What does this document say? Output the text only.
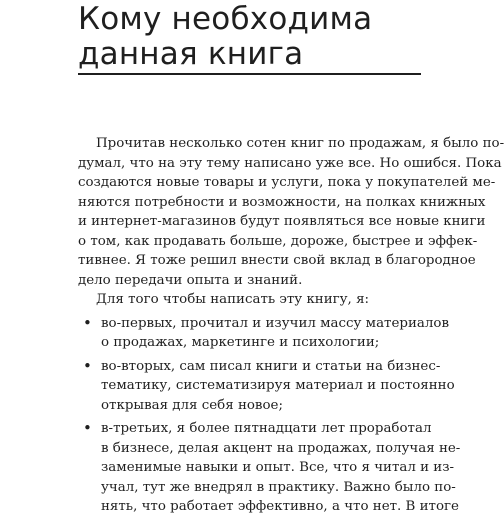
Кому необходима
данная книга
Прочитав несколько сотен книг по продажам, я было по-
думал, что на эту тему написано уже все. Но ошибся. Пока
создаются новые товары и услуги, пока у покупателей ме-
няются потребности и возможности, на полках книжных
и интернет-магазинов будут появляться все новые книги
о том, как продавать больше, дороже, быстрее и эффек-
тивнее. Я тоже решил внести свой вклад в благородное
дело передачи опыта и знаний.
Для того чтобы написать эту книгу, я:
• во-первых, прочитал и изучил массу материалов
о продажах, маркетинге и психологии;
• во-вторых, сам писал книги и статьи на бизнес-
тематику, систематизируя материал и постоянно
открывая для себя новое;
• в-третьих, я более пятнадцати лет проработал
в бизнесе, делая акцент на продажах, получая не-
заменимые навыки и опыт. Все, что я читал и из-
учал, тут же внедрял в практику. Важно было по-
нять, что работает эффективно, а что нет. В итоге
